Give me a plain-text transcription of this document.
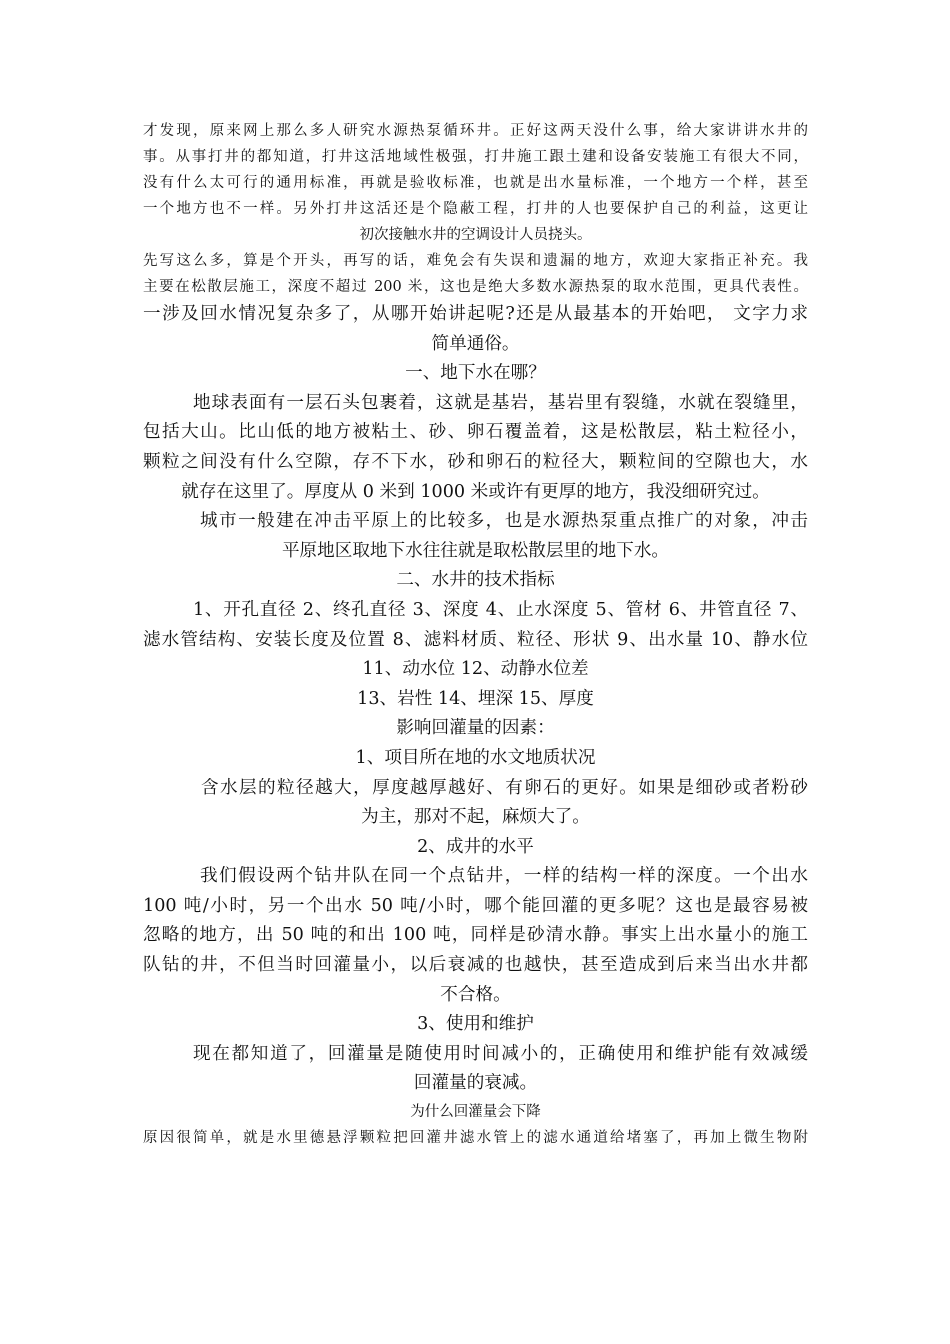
才发现，原来网上那么多人研究水源热泵循环井。正好这两天没什么事，给大家讲讲水井的
事。从事打井的都知道，打井这活地域性极强，打井施工跟土建和设备安装施工有很大不同，
没有什么太可行的通用标准，再就是验收标准，也就是出水量标准，一个地方一个样，甚至
一个地方也不一样。另外打井这活还是个隐蔽工程，打井的人也要保护自己的利益，这更让
初次接触水井的空调设计人员挠头。
先写这么多，算是个开头，再写的话，难免会有失误和遗漏的地方，欢迎大家指正补充。我
主要在松散层施工，深度不超过 200 米，这也是绝大多数水源热泵的取水范围，更具代表性。
一涉及回水情况复杂多了，从哪开始讲起呢?还是从最基本的开始吧， 文字力求
简单通俗。
一、地下水在哪？
地球表面有一层石头包裹着，这就是基岩，基岩里有裂缝，水就在裂缝里，
包括大山。比山低的地方被粘土、砂、卵石覆盖着，这是松散层，粘土粒径小，
颗粒之间没有什么空隙，存不下水，砂和卵石的粒径大，颗粒间的空隙也大，水
就存在这里了。厚度从 0 米到 1000 米或许有更厚的地方，我没细研究过。
城市一般建在冲击平原上的比较多，也是水源热泵重点推广的对象，冲击
平原地区取地下水往往就是取松散层里的地下水。
二、水井的技术指标
1、开孔直径 2、终孔直径 3、深度 4、止水深度 5、管材 6、井管直径 7、
滤水管结构、安装长度及位置 8、滤料材质、粒径、形状 9、出水量 10、静水位
11、动水位 12、动静水位差
13、岩性 14、埋深 15、厚度
影响回灌量的因素：
1、项目所在地的水文地质状况
含水层的粒径越大，厚度越厚越好、有卵石的更好。如果是细砂或者粉砂
为主，那对不起，麻烦大了。
2、成井的水平
我们假设两个钻井队在同一个点钻井，一样的结构一样的深度。一个出水
100 吨/小时，另一个出水 50 吨/小时，哪个能回灌的更多呢？这也是最容易被
忽略的地方，出 50 吨的和出 100 吨，同样是砂清水静。事实上出水量小的施工
队钻的井，不但当时回灌量小，以后衰减的也越快，甚至造成到后来当出水井都
不合格。
3、使用和维护
现在都知道了，回灌量是随使用时间减小的，正确使用和维护能有效减缓
回灌量的衰减。
为什么回灌量会下降
原因很简单，就是水里德悬浮颗粒把回灌井滤水管上的滤水通道给堵塞了，再加上微生物附
